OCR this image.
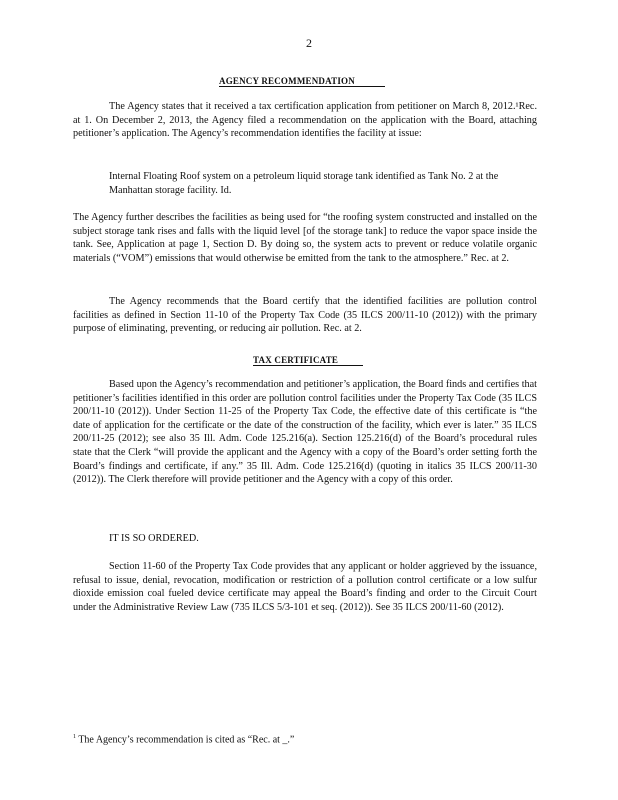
2
AGENCY RECOMMENDATION

The Agency states that it received a tax certification application from petitioner on March 8, 2012.¹Rec. at 1. On December 2, 2013, the Agency filed a recommendation on the application with the Board, attaching petitioner’s application. The Agency’s recommendation identifies the facility at issue:

Internal Floating Roof system on a petroleum liquid storage tank identified as Tank No. 2 at the Manhattan storage facility. Id.

The Agency further describes the facilities as being used for “the roofing system constructed and installed on the subject storage tank rises and falls with the liquid level [of the storage tank] to reduce the vapor space inside the tank. See, Application at page 1, Section D. By doing so, the system acts to prevent or reduce volatile organic materials (“VOM”) emissions that would otherwise be emitted from the tank to the atmosphere.” Rec. at 2.

The Agency recommends that the Board certify that the identified facilities are pollution control facilities as defined in Section 11-10 of the Property Tax Code (35 ILCS 200/11-10 (2012)) with the primary purpose of eliminating, preventing, or reducing air pollution. Rec. at 2.

TAX CERTIFICATE

Based upon the Agency’s recommendation and petitioner’s application, the Board finds and certifies that petitioner’s facilities identified in this order are pollution control facilities under the Property Tax Code (35 ILCS 200/11-10 (2012)). Under Section 11-25 of the Property Tax Code, the effective date of this certificate is “the date of application for the certificate or the date of the construction of the facility, which ever is later.” 35 ILCS 200/11-25 (2012); see also 35 Ill. Adm. Code 125.216(a). Section 125.216(d) of the Board’s procedural rules state that the Clerk “will provide the applicant and the Agency with a copy of the Board’s order setting forth the Board’s findings and certificate, if any.” 35 Ill. Adm. Code 125.216(d) (quoting in italics 35 ILCS 200/11-30 (2012)). The Clerk therefore will provide petitioner and the Agency with a copy of this order.

IT IS SO ORDERED.

Section 11-60 of the Property Tax Code provides that any applicant or holder aggrieved by the issuance, refusal to issue, denial, revocation, modification or restriction of a pollution control certificate or a low sulfur dioxide emission coal fueled device certificate may appeal the Board’s finding and order to the Circuit Court under the Administrative Review Law (735 ILCS 5/3-101 et seq. (2012)). See 35 ILCS 200/11-60 (2012).

$^1$ The Agency’s recommendation is cited as “Rec. at _.”
